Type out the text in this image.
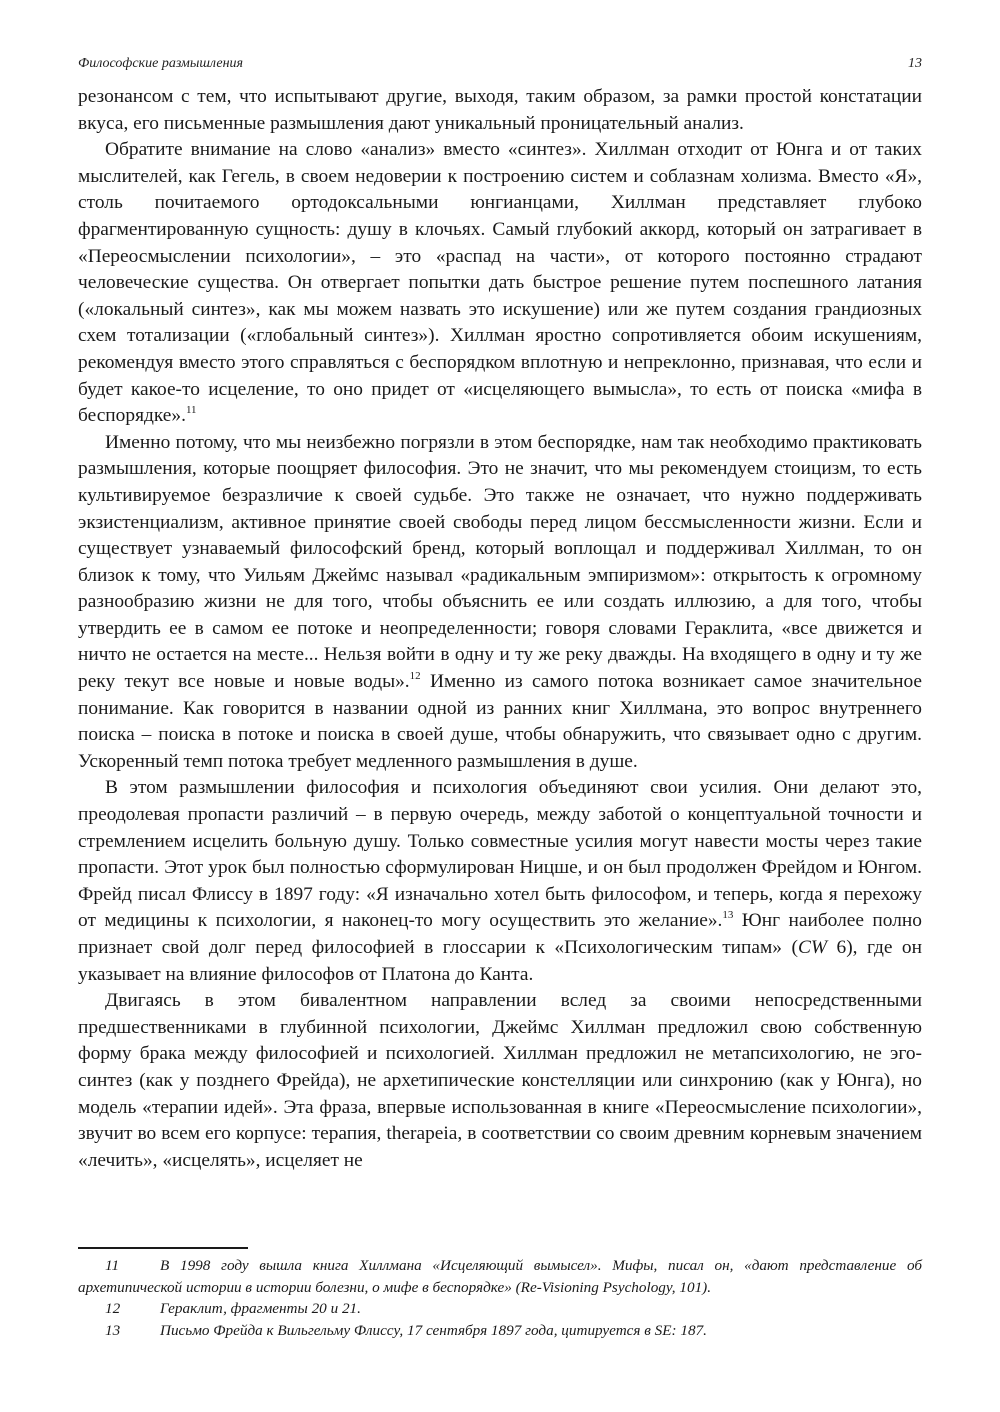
Философские размышления	13

резонансом с тем, что испытывают другие, выходя, таким образом, за рамки простой констатации вкуса, его письменные размышления дают уникальный проницательный анализ.

Обратите внимание на слово «анализ» вместо «синтез». Хиллман отходит от Юнга и от таких мыслителей, как Гегель, в своем недоверии к построению систем и соблазнам холизма. Вместо «Я», столь почитаемого ортодоксальными юнгианцами, Хиллман представляет глубоко фрагментированную сущность: душу в клочьях. Самый глубокий аккорд, который он затрагивает в «Переосмыслении психологии», – это «распад на части», от которого постоянно страдают человеческие существа. Он отвергает попытки дать быстрое решение путем поспешного латания («локальный синтез», как мы можем назвать это искушение) или же путем создания грандиозных схем тотализации («глобальный синтез»). Хиллман яростно сопротивляется обоим искушениям, рекомендуя вместо этого справляться с беспорядком вплотную и непреклонно, признавая, что если и будет какое-то исцеление, то оно придет от «исцеляющего вымысла», то есть от поиска «мифа в беспорядке».$^{11}$

Именно потому, что мы неизбежно погрязли в этом беспорядке, нам так необходимо практиковать размышления, которые поощряет философия. Это не значит, что мы рекомендуем стоицизм, то есть культивируемое безразличие к своей судьбе. Это также не означает, что нужно поддерживать экзистенциализм, активное принятие своей свободы перед лицом бессмысленности жизни. Если и существует узнаваемый философский бренд, который воплощал и поддерживал Хиллман, то он близок к тому, что Уильям Джеймс называл «радикальным эмпиризмом»: открытость к огромному разнообразию жизни не для того, чтобы объяснить ее или создать иллюзию, а для того, чтобы утвердить ее в самом ее потоке и неопределенности; говоря словами Гераклита, «все движется и ничто не остается на месте... Нельзя войти в одну и ту же реку дважды. На входящего в одну и ту же реку текут все новые и новые воды».$^{12}$ Именно из самого потока возникает самое значительное понимание. Как говорится в названии одной из ранних книг Хиллмана, это вопрос внутреннего поиска – поиска в потоке и поиска в своей душе, чтобы обнаружить, что связывает одно с другим. Ускоренный темп потока требует медленного размышления в душе.

В этом размышлении философия и психология объединяют свои усилия. Они делают это, преодолевая пропасти различий – в первую очередь, между заботой о концептуальной точности и стремлением исцелить больную душу. Только совместные усилия могут навести мосты через такие пропасти. Этот урок был полностью сформулирован Ницше, и он был продолжен Фрейдом и Юнгом. Фрейд писал Флиссу в 1897 году: «Я изначально хотел быть философом, и теперь, когда я перехожу от медицины к психологии, я наконец-то могу осуществить это желание».$^{13}$ Юнг наиболее полно признает свой долг перед философией в глоссарии к «Психологическим типам» (CW 6), где он указывает на влияние философов от Платона до Канта.

Двигаясь в этом бивалентном направлении вслед за своими непосредственными предшественниками в глубинной психологии, Джеймс Хиллман предложил свою собственную форму брака между философией и психологией. Хиллман предложил не метапсихологию, не эго-синтез (как у позднего Фрейда), не архетипические констелляции или синхронию (как у Юнга), но модель «терапии идей». Эта фраза, впервые использованная в книге «Переосмысление психологии», звучит во всем его корпусе: терапия, therapeia, в соответствии со своим древним корневым значением «лечить», «исцелять», исцеляет не

11	В 1998 году вышла книга Хиллмана «Исцеляющий вымысел». Мифы, писал он, «дают представление об архетипической истории в истории болезни, о мифе в беспорядке» (Re-Visioning Psychology, 101).

12	Гераклит, фрагменты 20 и 21.

13	Письмо Фрейда к Вильгельму Флиссу, 17 сентября 1897 года, цитируется в SE: 187.
